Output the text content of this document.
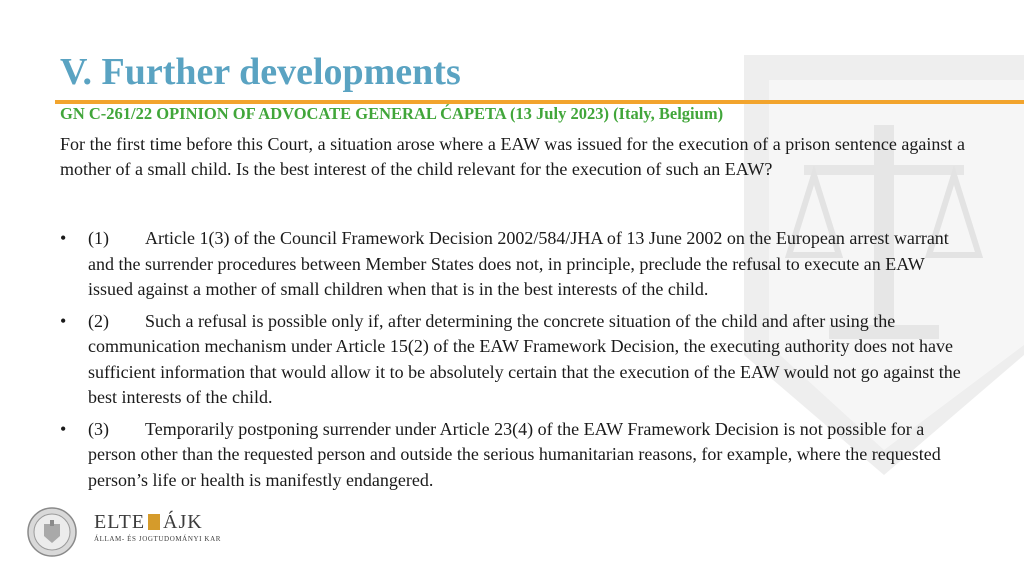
V. Further developments
GN C-261/22 OPINION OF ADVOCATE GENERAL ĆAPETA (13 July 2023) (Italy, Belgium)

For the first time before this Court, a situation arose where a EAW was issued for the execution of a prison sentence against a mother of a small child. Is the best interest of the child relevant for the execution of such an EAW?

• (1) Article 1(3) of the Council Framework Decision 2002/584/JHA of 13 June 2002 on the European arrest warrant and the surrender procedures between Member States does not, in principle, preclude the refusal to execute an EAW issued against a mother of small children when that is in the best interests of the child.
• (2) Such a refusal is possible only if, after determining the concrete situation of the child and after using the communication mechanism under Article 15(2) of the EAW Framework Decision, the executing authority does not have sufficient information that would allow it to be absolutely certain that the execution of the EAW would not go against the best interests of the child.
• (3) Temporarily postponing surrender under Article 23(4) of the EAW Framework Decision is not possible for a person other than the requested person and outside the serious humanitarian reasons, for example, where the requested person’s life or health is manifestly endangered.
ELTE ÁJK
ÁLLAM- ÉS JOGTUDOMÁNYI KAR
